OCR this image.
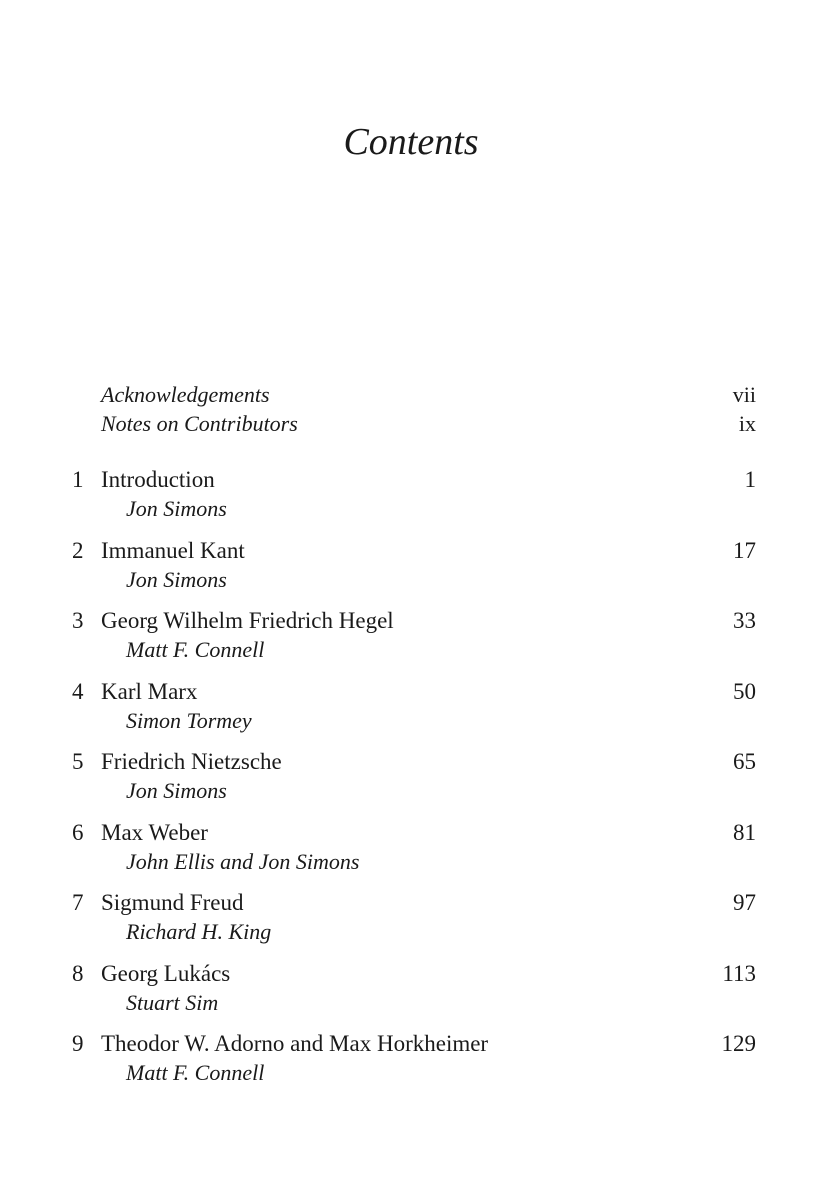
Contents
Acknowledgements	vii
Notes on Contributors	ix
1 Introduction	1
Jon Simons
2 Immanuel Kant	17
Jon Simons
3 Georg Wilhelm Friedrich Hegel	33
Matt F. Connell
4 Karl Marx	50
Simon Tormey
5 Friedrich Nietzsche	65
Jon Simons
6 Max Weber	81
John Ellis and Jon Simons
7 Sigmund Freud	97
Richard H. King
8 Georg Lukács	113
Stuart Sim
9 Theodor W. Adorno and Max Horkheimer	129
Matt F. Connell
